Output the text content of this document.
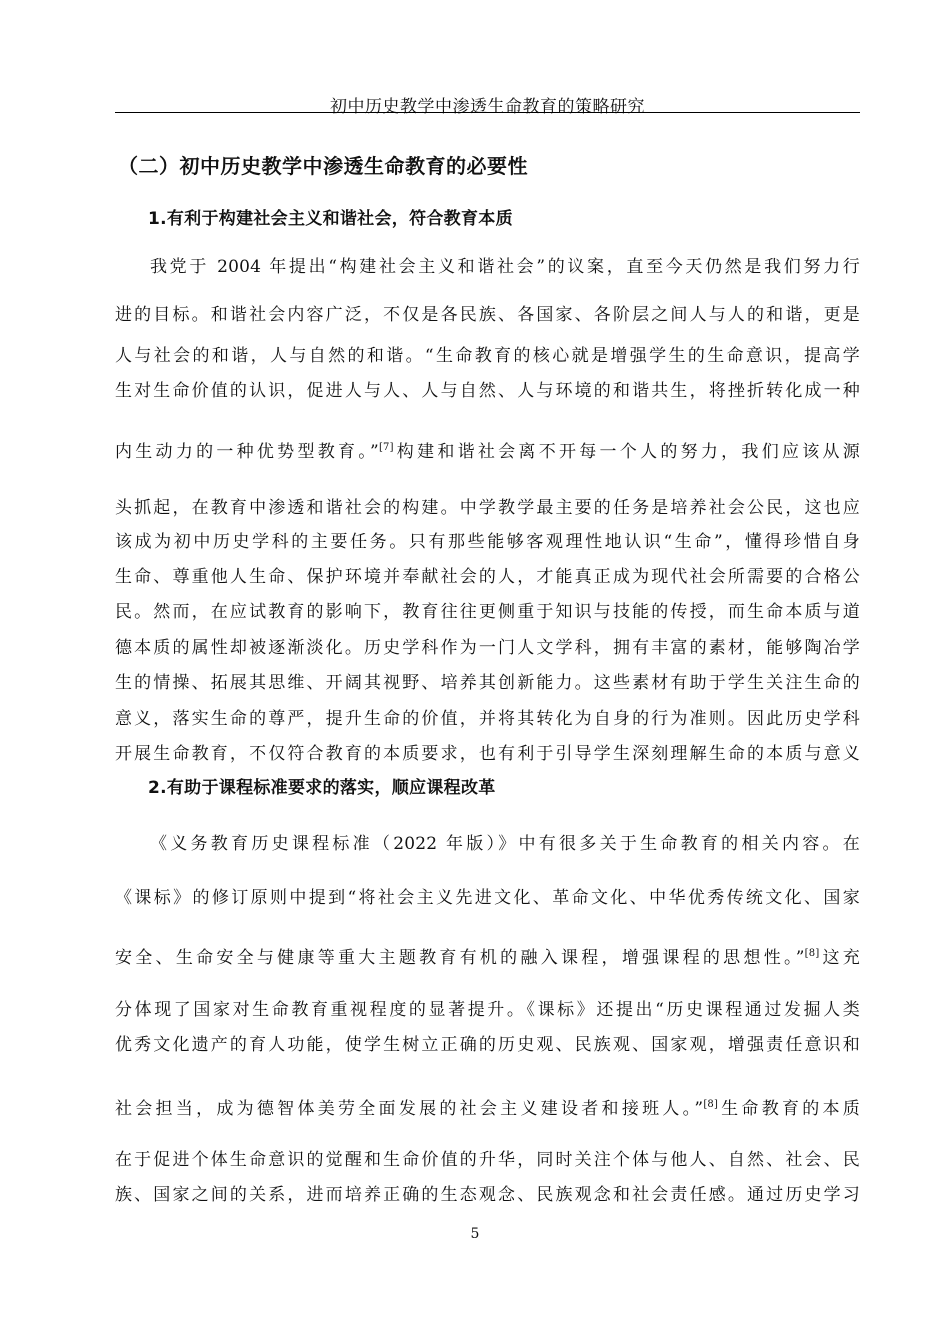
初中历史教学中渗透生命教育的策略研究
（二）初中历史教学中渗透生命教育的必要性
1.有利于构建社会主义和谐社会，符合教育本质
我党于 2004 年提出“构建社会主义和谐社会”的议案，直至今天仍然是我们努力行
进的目标。和谐社会内容广泛，不仅是各民族、各国家、各阶层之间人与人的和谐，更是
人与社会的和谐，人与自然的和谐。“生命教育的核心就是增强学生的生命意识，提高学
生对生命价值的认识，促进人与人、人与自然、人与环境的和谐共生，将挫折转化成一种
内生动力的一种优势型教育。”[7]构建和谐社会离不开每一个人的努力，我们应该从源
头抓起，在教育中渗透和谐社会的构建。中学教学最主要的任务是培养社会公民，这也应
该成为初中历史学科的主要任务。只有那些能够客观理性地认识“生命”，懂得珍惜自身
生命、尊重他人生命、保护环境并奉献社会的人，才能真正成为现代社会所需要的合格公
民。然而，在应试教育的影响下，教育往往更侧重于知识与技能的传授，而生命本质与道
德本质的属性却被逐渐淡化。历史学科作为一门人文学科，拥有丰富的素材，能够陶冶学
生的情操、拓展其思维、开阔其视野、培养其创新能力。这些素材有助于学生关注生命的
意义，落实生命的尊严，提升生命的价值，并将其转化为自身的行为准则。因此历史学科
开展生命教育，不仅符合教育的本质要求，也有利于引导学生深刻理解生命的本质与意义
2.有助于课程标准要求的落实，顺应课程改革
《义务教育历史课程标准（2022 年版）》中有很多关于生命教育的相关内容。在
《课标》的修订原则中提到“将社会主义先进文化、革命文化、中华优秀传统文化、国家
安全、生命安全与健康等重大主题教育有机的融入课程，增强课程的思想性。”[8]这充
分体现了国家对生命教育重视程度的显著提升。《课标》还提出“历史课程通过发掘人类
优秀文化遗产的育人功能，使学生树立正确的历史观、民族观、国家观，增强责任意识和
社会担当，成为德智体美劳全面发展的社会主义建设者和接班人。”[8]生命教育的本质
在于促进个体生命意识的觉醒和生命价值的升华，同时关注个体与他人、自然、社会、民
族、国家之间的关系，进而培养正确的生态观念、民族观念和社会责任感。通过历史学习
5
